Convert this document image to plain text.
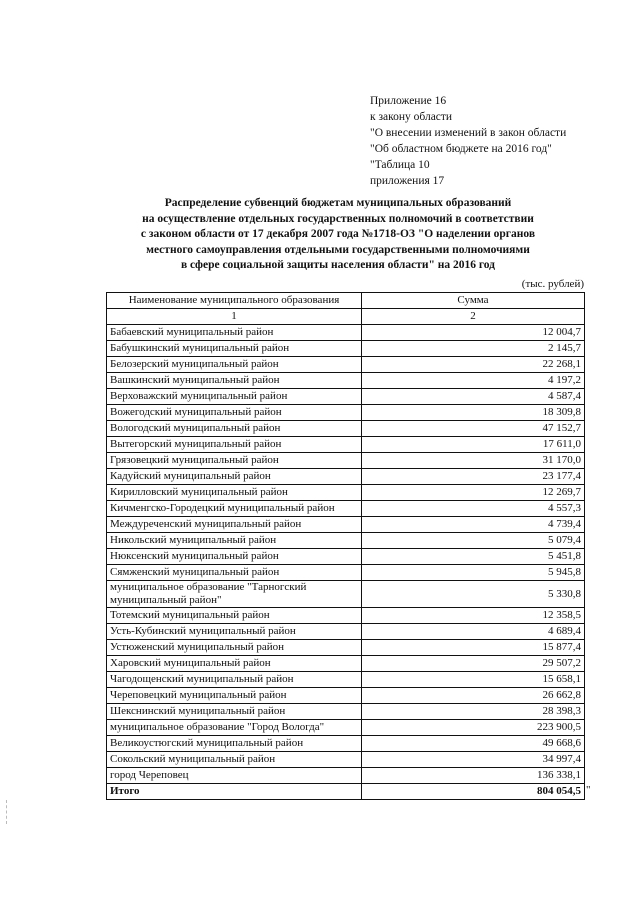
Приложение 16
к закону области
"О внесении изменений в закон области
"Об областном бюджете на 2016 год"
"Таблица 10
приложения 17
Распределение субвенций бюджетам муниципальных образований
на осуществление отдельных государственных полномочий в соответствии
с законом области от 17 декабря 2007 года №1718-ОЗ "О наделении органов
местного самоуправления отдельными государственными полномочиями
в сфере социальной защиты населения области" на 2016 год
(тыс. рублей)
Наименование муниципального образования	Сумма
1	2
Бабаевский муниципальный район	12 004,7
Бабушкинский муниципальный район	2 145,7
Белозерский муниципальный район	22 268,1
Вашкинский муниципальный район	4 197,2
Верховажский муниципальный район	4 587,4
Вожегодский муниципальный район	18 309,8
Вологодский муниципальный район	47 152,7
Вытегорский муниципальный район	17 611,0
Грязовецкий муниципальный район	31 170,0
Кадуйский муниципальный район	23 177,4
Кирилловский муниципальный район	12 269,7
Кичменгско-Городецкий муниципальный район	4 557,3
Междуреченский муниципальный район	4 739,4
Никольский муниципальный район	5 079,4
Нюксенский муниципальный район	5 451,8
Сямженский муниципальный район	5 945,8
муниципальное образование "Тарногский муниципальный район"	5 330,8
Тотемский муниципальный район	12 358,5
Усть-Кубинский муниципальный район	4 689,4
Устюженский муниципальный район	15 877,4
Харовский муниципальный район	29 507,2
Чагодощенский муниципальный район	15 658,1
Череповецкий муниципальный район	26 662,8
Шекснинский муниципальный район	28 398,3
муниципальное образование "Город Вологда"	223 900,5
Великоустюгский муниципальный район	49 668,6
Сокольский муниципальный район	34 997,4
город Череповец	136 338,1
Итого	804 054,5 "
